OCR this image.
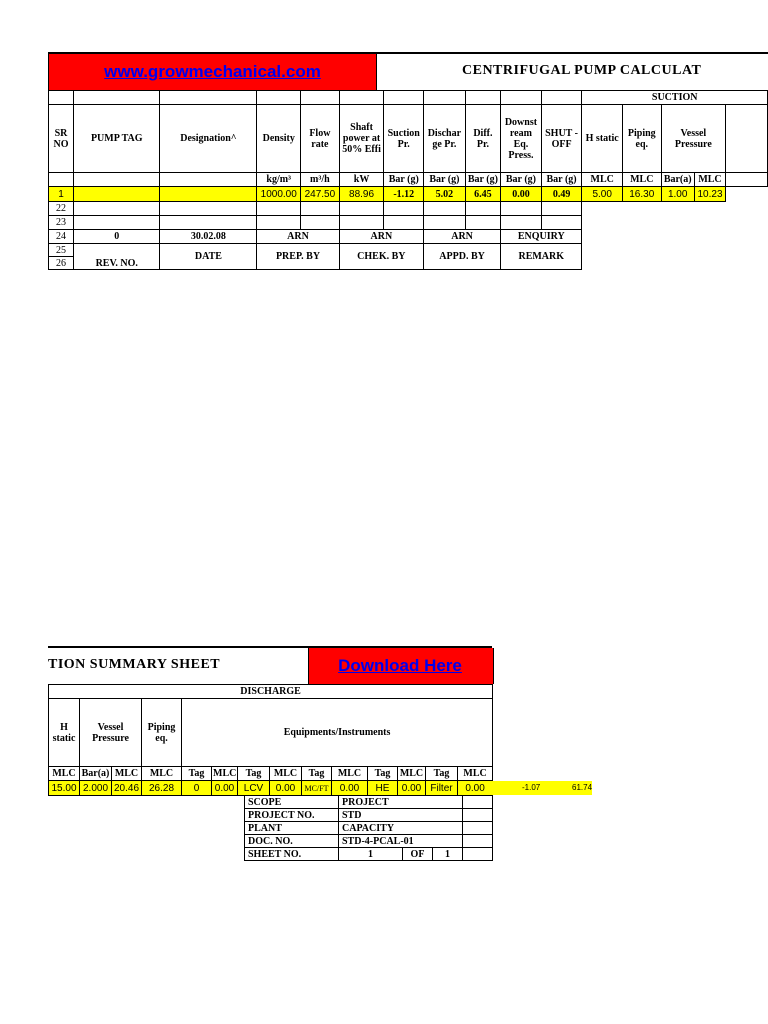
www.growmechanical.com	CENTRIFUGAL PUMP CALCULAT
											SUCTION				
SR NO	PUMP TAG	Designation^	Density	Flow rate	Shaft power at 50% Effi	Suction Pr.	Dischar ge Pr.	Diff. Pr.	Downst ream Eq. Press.	SHUT - OFF	H static	Piping eq.	Vessel Pressure		
			kg/m³	m³/h	kW	Bar (g)	Bar (g)	Bar (g)	Bar (g)	Bar (g)	MLC	MLC	Bar(a)	MLC	
1			1000.00	247.50	88.96	-1.12	5.02	6.45	0.00	0.49	5.00	16.30	1.00	10.23	
22															
23															
24	0	30.02.08	ARN		ARN		ARN		ENQUIRY						
25	REV. NO.	DATE	PREP. BY		CHEK. BY		APPD. BY		REMARK						
26															
TION SUMMARY SHEET	Download Here
DISCHARGE													
H static	Vessel Pressure		Piping eq.	Equipments/Instruments									
MLC	Bar(a)	MLC	MLC	Tag	MLC	Tag	MLC	Tag	MLC	Tag	MLC	Tag	MLC
15.00	2.000	20.46	26.28	0	0.00	LCV	0.00	MC/FT	0.00	HE	0.00	Filter	0.00	-1.07	61.74
SCOPE	PROJECT			
PROJECT NO.	STD			
PLANT	CAPACITY			
DOC. NO.	STD-4-PCAL-01			
SHEET NO.	1	OF	1	
